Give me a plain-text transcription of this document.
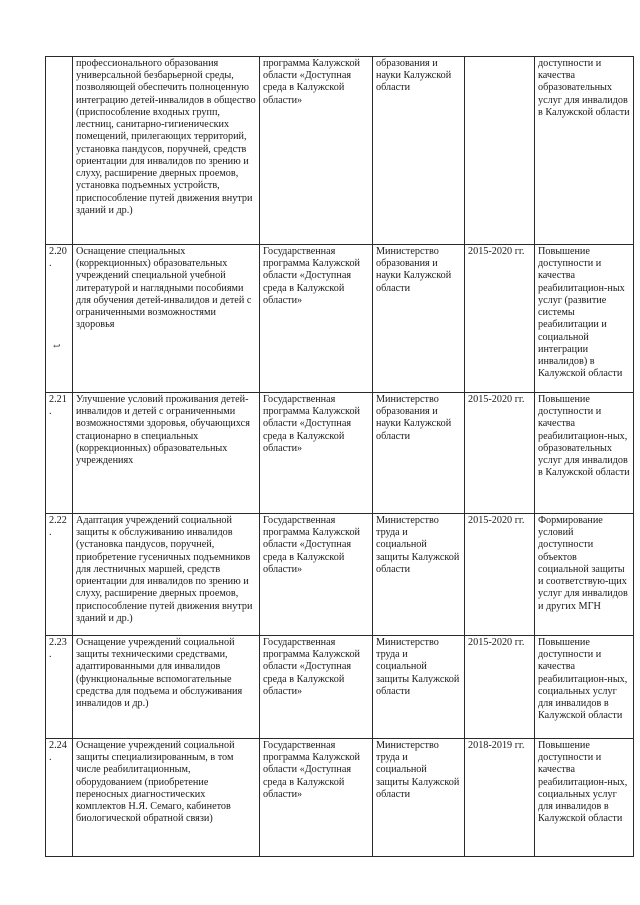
	профессионального образования универсальной безбарьерной среды, позволяющей обеспечить полноценную интеграцию детей-инвалидов в общество (приспособление входных групп, лестниц, санитарно-гигиенических помещений, прилегающих территорий, установка пандусов, поручней, средств ориентации для инвалидов по зрению и слуху, расширение дверных проемов, установка подъемных устройств, приспособление путей движения внутри зданий и др.)	программа Калужской области «Доступная среда в Калужской области»	образования и науки Калужской области		доступности и качества образовательных услуг для инвалидов в Калужской области
2.20.	Оснащение специальных (коррекционных) образовательных учреждений специальной учебной литературой и наглядными пособиями для обучения детей-инвалидов и детей с ограниченными возможностями здоровья	Государственная программа Калужской области «Доступная среда в Калужской области»	Министерство образования и науки Калужской области	2015-2020 гг.	Повышение доступности и качества реабилитацион-ных услуг (развитие системы реабилитации и социальной интеграции инвалидов) в Калужской области
2.21.	Улучшение условий проживания детей-инвалидов и детей с ограниченными возможностями здоровья, обучающихся стационарно в специальных (коррекционных) образовательных учреждениях	Государственная программа Калужской области «Доступная среда в Калужской области»	Министерство образования и науки Калужской области	2015-2020 гг.	Повышение доступности и качества реабилитацион-ных, образовательных услуг для инвалидов в Калужской области
2.22.	Адаптация учреждений социальной защиты к обслуживанию инвалидов (установка пандусов, поручней, приобретение гусеничных подъемников для лестничных маршей, средств ориентации для инвалидов по зрению и слуху, расширение дверных проемов, приспособление путей движения внутри зданий и др.)	Государственная программа Калужской области «Доступная среда в Калужской области»	Министерство труда и социальной защиты Калужской области	2015-2020 гг.	Формирование условий доступности объектов социальной защиты и соответствую-щих услуг для инвалидов и других МГН
2.23.	Оснащение учреждений социальной защиты техническими средствами, адаптированными для инвалидов (функциональные вспомогательные средства для подъема и обслуживания инвалидов и др.)	Государственная программа Калужской области «Доступная среда в Калужской области»	Министерство труда и социальной защиты Калужской области	2015-2020 гг.	Повышение доступности и качества реабилитацион-ных, социальных услуг для инвалидов в Калужской области
2.24.	Оснащение учреждений социальной защиты специализированным, в том числе реабилитационным, оборудованием (приобретение переносных диагностических комплектов Н.Я. Семаго, кабинетов биологической обратной связи)	Государственная программа Калужской области «Доступная среда в Калужской области»	Министерство труда и социальной защиты Калужской области	2018-2019 гг.	Повышение доступности и качества реабилитацион-ных, социальных услуг для инвалидов в Калужской области
↩
